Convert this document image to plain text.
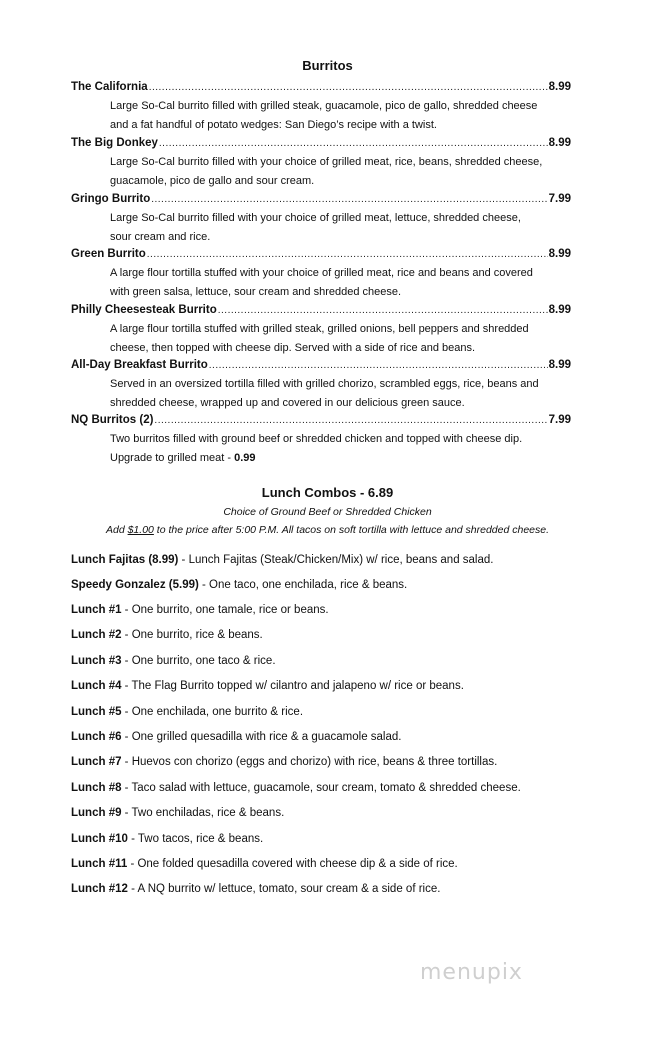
Burritos
The California .....	8.99
Large So-Cal burrito filled with grilled steak, guacamole, pico de gallo, shredded cheese
and a fat handful of potato wedges: San Diego’s recipe with a twist.
The Big Donkey .....	8.99
Large So-Cal burrito filled with your choice of grilled meat, rice, beans, shredded cheese,
guacamole, pico de gallo and sour cream.
Gringo Burrito .....	7.99
Large So-Cal burrito filled with your choice of grilled meat, lettuce, shredded cheese,
sour cream and rice.
Green Burrito .....	8.99
A large flour tortilla stuffed with your choice of grilled meat, rice and beans and covered
with green salsa, lettuce, sour cream and shredded cheese.
Philly Cheesesteak Burrito .....	8.99
A large flour tortilla stuffed with grilled steak, grilled onions, bell peppers and shredded
cheese, then topped with cheese dip. Served with a side of rice and beans.
All-Day Breakfast Burrito .....	8.99
Served in an oversized tortilla filled with grilled chorizo, scrambled eggs, rice, beans and
shredded cheese, wrapped up and covered in our delicious green sauce.
NQ Burritos (2) .....	7.99
Two burritos filled with ground beef or shredded chicken and topped with cheese dip.
Upgrade to grilled meat - 0.99
Lunch Combos - 6.89
Choice of Ground Beef or Shredded Chicken
Add $1.00 to the price after 5:00 P.M. All tacos on soft tortilla with lettuce and shredded cheese.
Lunch Fajitas (8.99) - Lunch Fajitas (Steak/Chicken/Mix) w/ rice, beans and salad.
Speedy Gonzalez (5.99) - One taco, one enchilada, rice & beans.
Lunch #1 - One burrito, one tamale, rice or beans.
Lunch #2 - One burrito, rice & beans.
Lunch #3 - One burrito, one taco & rice.
Lunch #4 - The Flag Burrito topped w/ cilantro and jalapeno w/ rice or beans.
Lunch #5 - One enchilada, one burrito & rice.
Lunch #6 - One grilled quesadilla with rice & a guacamole salad.
Lunch #7 - Huevos con chorizo (eggs and chorizo) with rice, beans & three tortillas.
Lunch #8 - Taco salad with lettuce, guacamole, sour cream, tomato & shredded cheese.
Lunch #9 - Two enchiladas, rice & beans.
Lunch #10 - Two tacos, rice & beans.
Lunch #11 - One folded quesadilla covered with cheese dip & a side of rice.
Lunch #12 - A NQ burrito w/ lettuce, tomato, sour cream & a side of rice.
menupix
